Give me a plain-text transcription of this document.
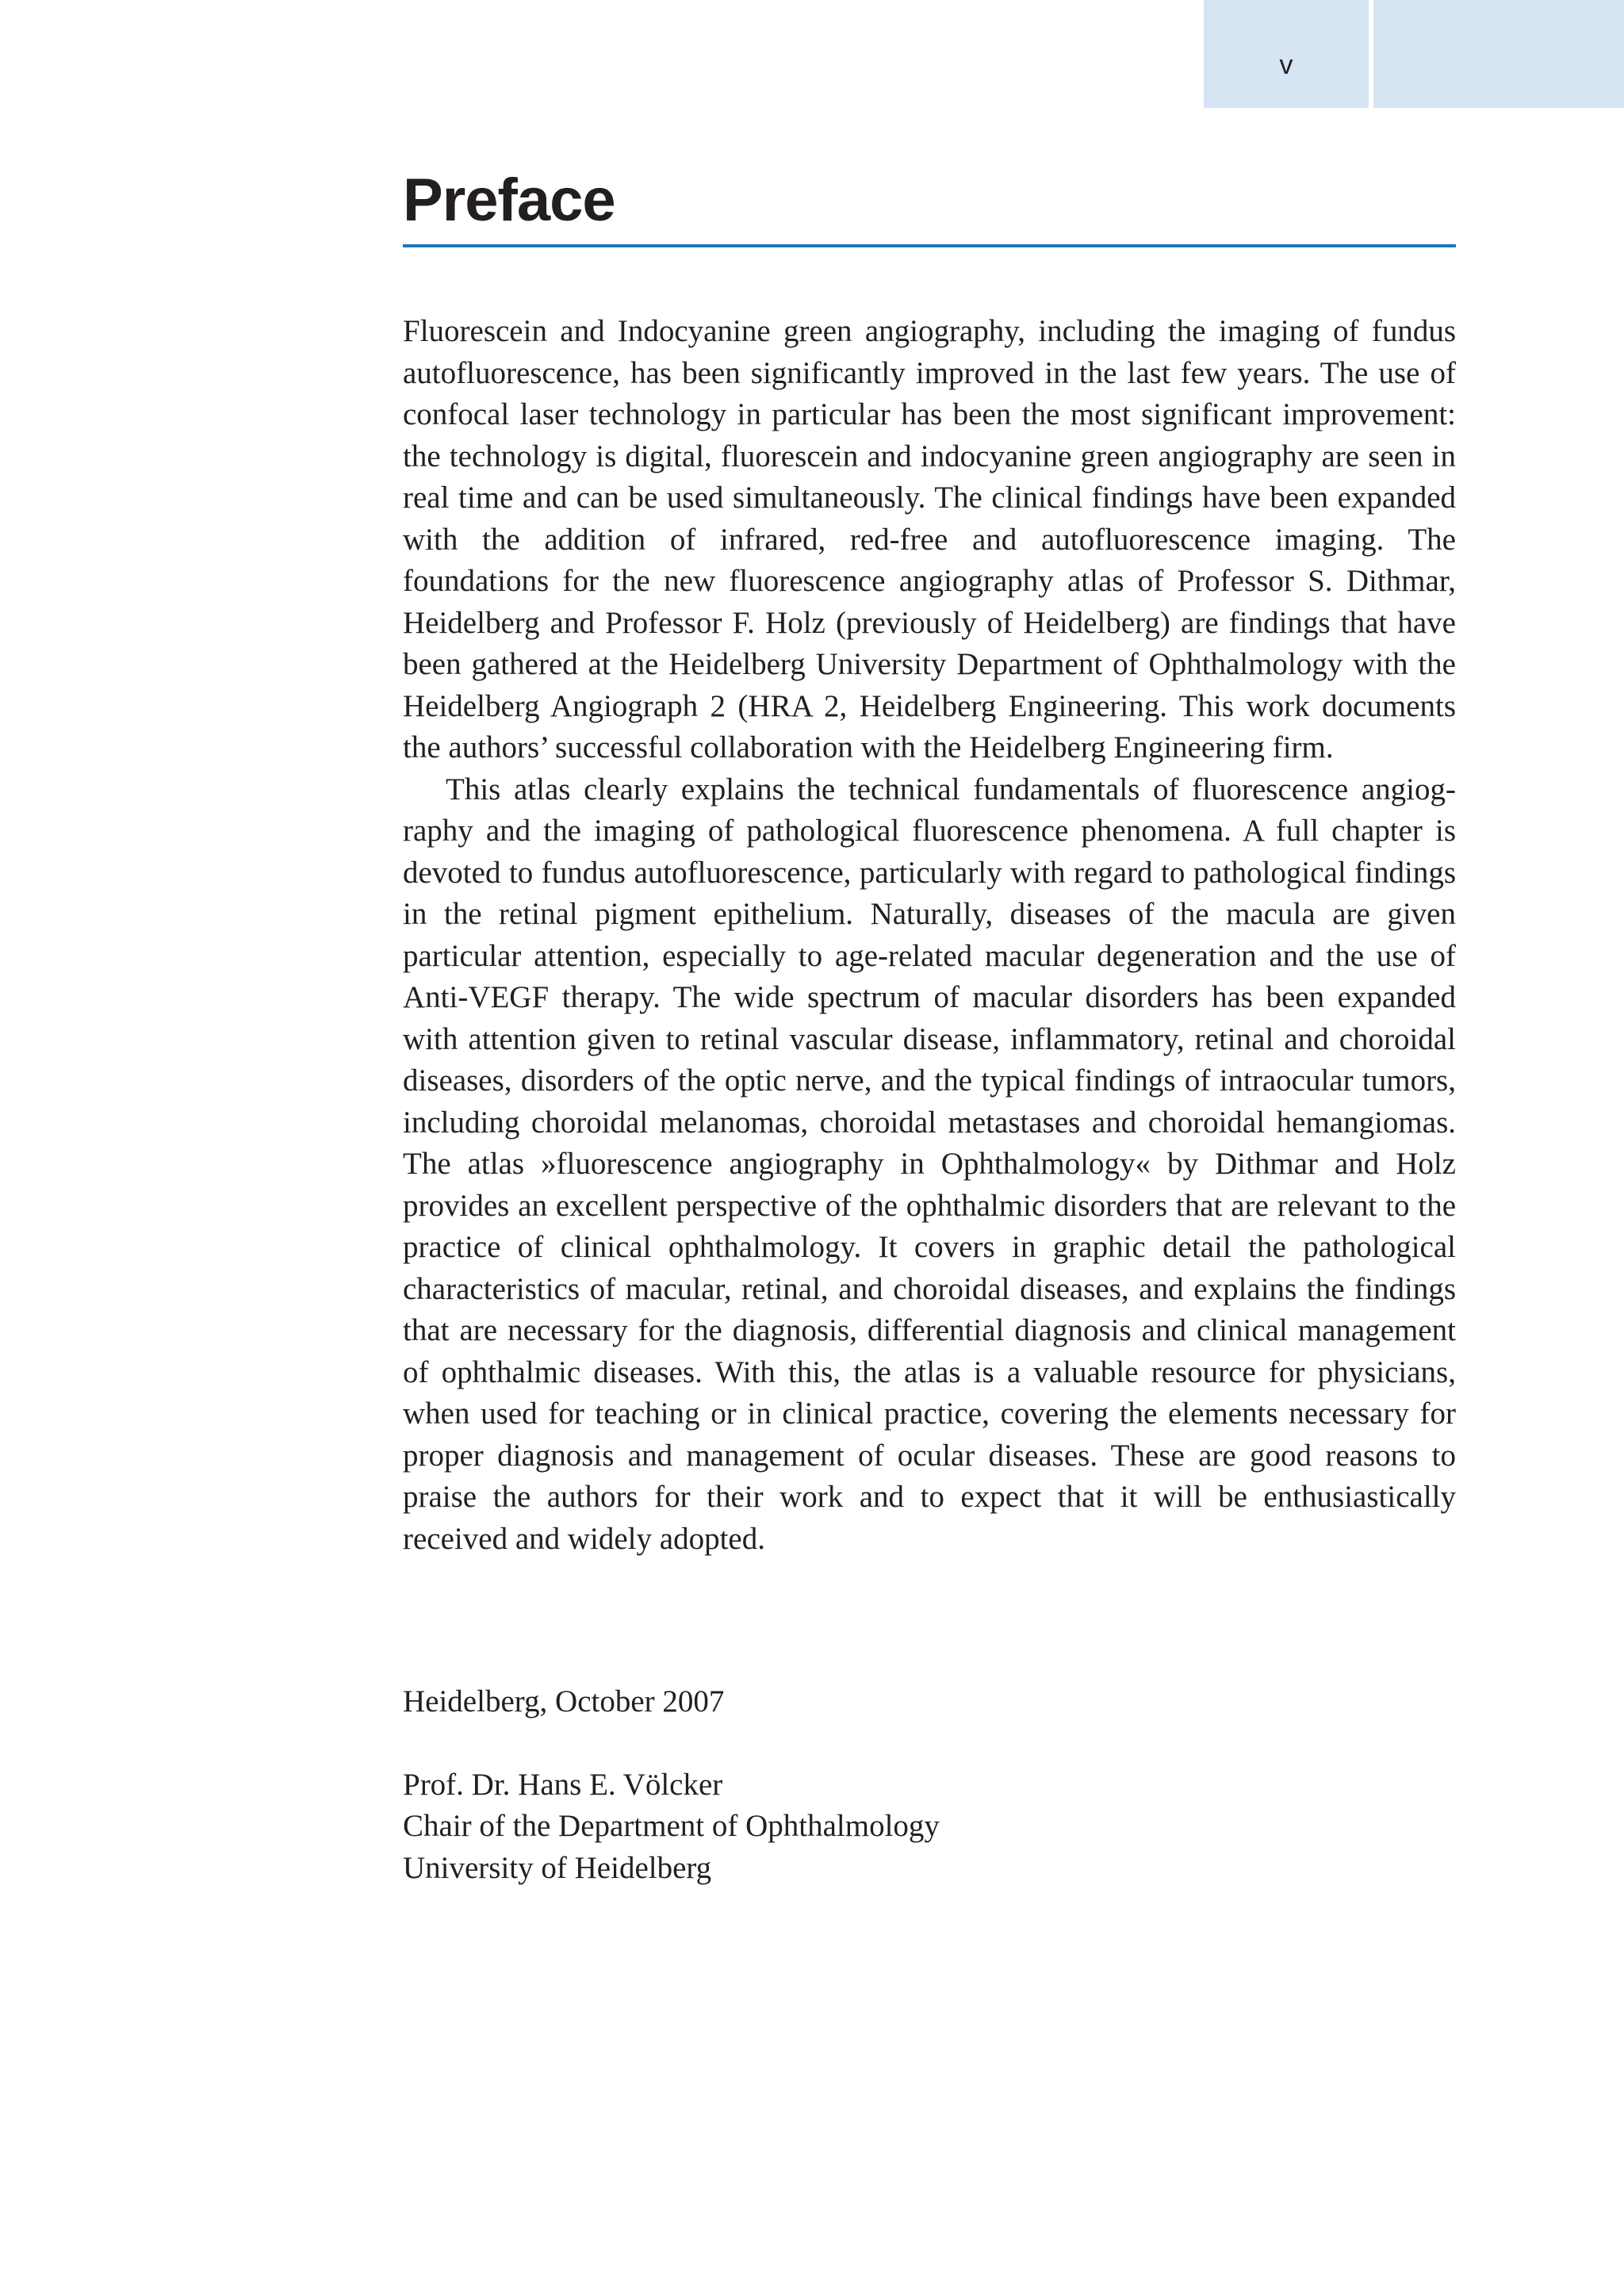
v
Preface

Fluorescein and Indocyanine green angiography, including the imaging of fundus autofluorescence, has been significantly improved in the last few years. The use of confocal laser technology in particular has been the most significant improvement: the technology is digital, fluorescein and indocyanine green angiography are seen in real time and can be used simultaneously. The clinical findings have been expanded with the addition of infrared, red-free and autofluorescence imaging. The foundations for the new fluorescence angiography atlas of Professor S. Dithmar, Heidelberg and Professor F. Holz (previously of Heidelberg) are findings that have been gathered at the Heidelberg University Department of Ophthalmology with the Heidelberg Angiograph 2 (HRA 2, Heidelberg Engineering. This work documents the authors’ successful collaboration with the Heidelberg Engineering firm.

This atlas clearly explains the technical fundamentals of fluorescence angiography and the imaging of pathological fluorescence phenomena. A full chapter is devoted to fundus autofluorescence, particularly with regard to pathological findings in the retinal pigment epithelium. Naturally, diseases of the macula are given particular attention, especially to age-related macular degeneration and the use of Anti-VEGF therapy. The wide spectrum of macular disorders has been expanded with attention given to retinal vascular disease, inflammatory, retinal and choroidal diseases, disorders of the optic nerve, and the typical findings of intraocular tumors, including choroidal melanomas, choroidal metastases and choroidal hemangiomas. The atlas »fluorescence angiography in Ophthalmology« by Dithmar and Holz provides an excellent perspective of the ophthalmic disorders that are relevant to the practice of clinical ophthalmology. It covers in graphic detail the pathological characteristics of macular, retinal, and choroidal diseases, and explains the findings that are necessary for the diagnosis, differential diagnosis and clinical management of ophthalmic diseases. With this, the atlas is a valuable resource for physicians, when used for teaching or in clinical practice, covering the elements necessary for proper diagnosis and management of ocular diseases. These are good reasons to praise the authors for their work and to expect that it will be enthusiastically received and widely adopted.

Heidelberg, October 2007
Prof. Dr. Hans E. Völcker
Chair of the Department of Ophthalmology
University of Heidelberg
